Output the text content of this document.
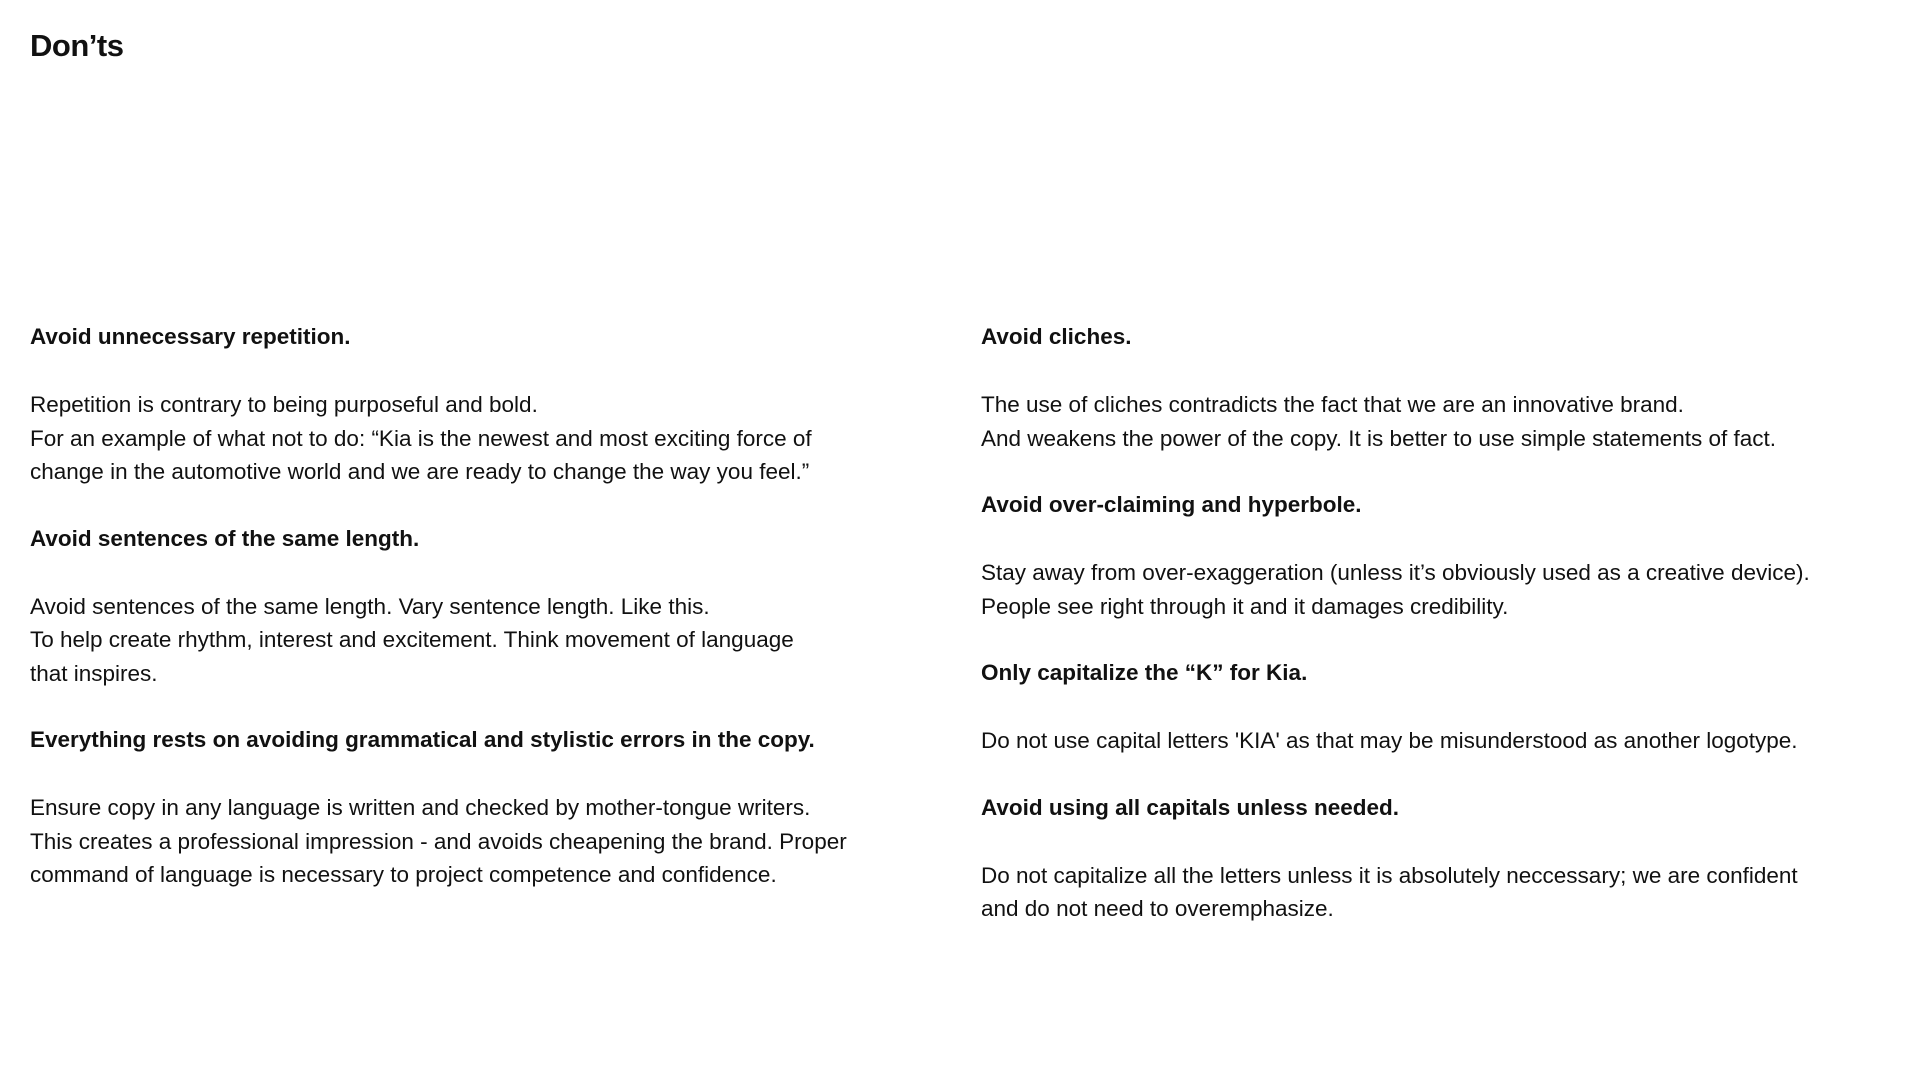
Don’ts
Avoid unnecessary repetition.

Repetition is contrary to being purposeful and bold.

For an example of what not to do: “Kia is the newest and most exciting force of

change in the automotive world and we are ready to change the way you feel.”

Avoid sentences of the same length.

Avoid sentences of the same length. Vary sentence length. Like this.

To help create rhythm, interest and excitement. Think movement of language

that inspires.

Everything rests on avoiding grammatical and stylistic errors in the copy.

Ensure copy in any language is written and checked by mother-tongue writers.

This creates a professional impression - and avoids cheapening the brand. Proper

command of language is necessary to project competence and confidence.

Avoid cliches.

The use of cliches contradicts the fact that we are an innovative brand.

And weakens the power of the copy. It is better to use simple statements of fact.

Avoid over-claiming and hyperbole.

Stay away from over-exaggeration (unless it’s obviously used as a creative device).

People see right through it and it damages credibility.

Only capitalize the “K” for Kia.

Do not use capital letters 'KIA' as that may be misunderstood as another logotype.

Avoid using all capitals unless needed.

Do not capitalize all the letters unless it is absolutely neccessary; we are confident

and do not need to overemphasize.
